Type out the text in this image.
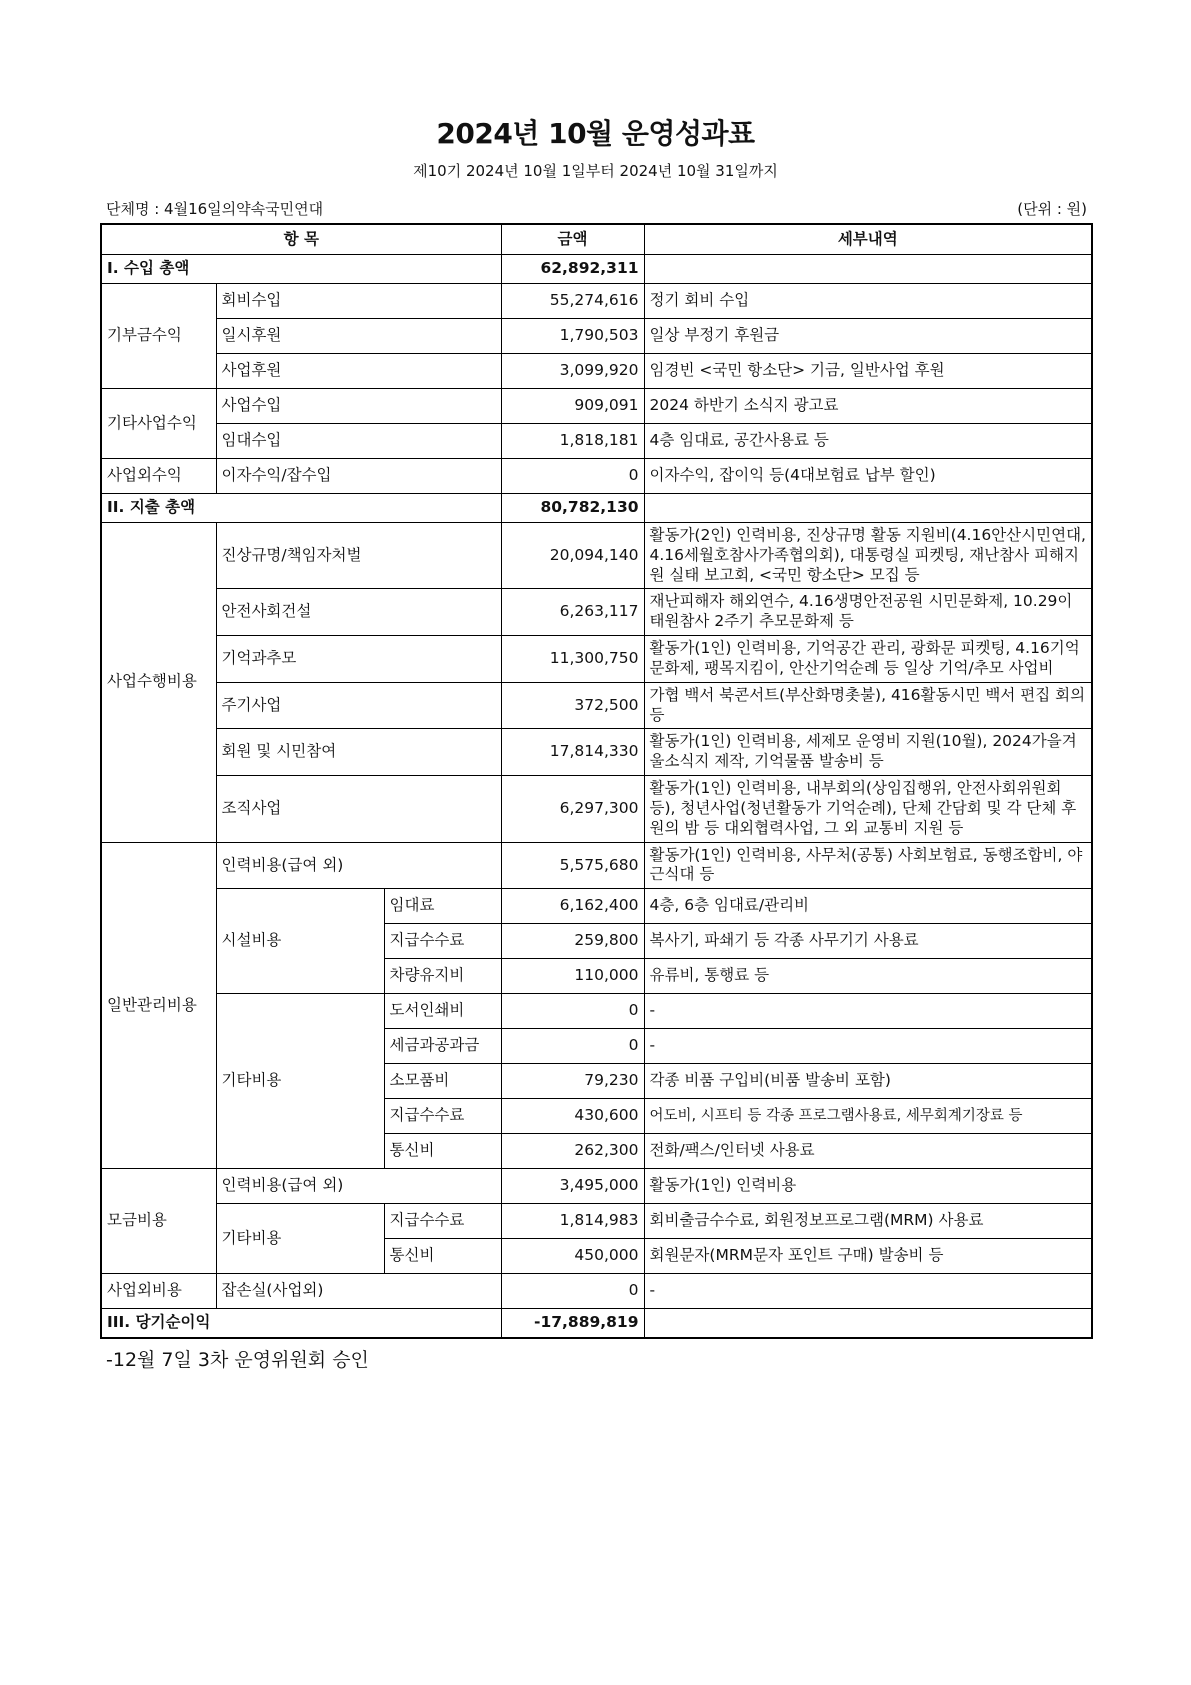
2024년 10월 운영성과표
제10기 2024년 10월 1일부터 2024년 10월 31일까지
단체명 : 4월16일의약속국민연대	(단위 : 원)
항 목			금액	세부내역
I. 수입 총액			62,892,311	
기부금수익	회비수입		55,274,616	정기 회비 수입
	일시후원		1,790,503	일상 부정기 후원금
	사업후원		3,099,920	임경빈 <국민 항소단> 기금, 일반사업 후원
기타사업수익	사업수입		909,091	2024 하반기 소식지 광고료
	임대수입		1,818,181	4층 임대료, 공간사용료 등
사업외수익	이자수익/잡수입		0	이자수익, 잡이익 등(4대보험료 납부 할인)
II. 지출 총액			80,782,130	
사업수행비용	진상규명/책임자처벌		20,094,140	활동가(2인) 인력비용, 진상규명 활동 지원비(4.16안산시민연대, 4.16세월호참사가족협의회), 대통령실 피켓팅, 재난참사 피해지원 실태 보고회, <국민 항소단> 모집 등
	안전사회건설		6,263,117	재난피해자 해외연수, 4.16생명안전공원 시민문화제, 10.29이태원참사 2주기 추모문화제 등
	기억과추모		11,300,750	활동가(1인) 인력비용, 기억공간 관리, 광화문 피켓팅, 4.16기억문화제, 팽목지킴이, 안산기억순례 등 일상 기억/추모 사업비
	주기사업		372,500	가협 백서 북콘서트(부산화명촛불), 416활동시민 백서 편집 회의 등
	회원 및 시민참여		17,814,330	활동가(1인) 인력비용, 세제모 운영비 지원(10월), 2024가을겨울소식지 제작, 기억물품 발송비 등
	조직사업		6,297,300	활동가(1인) 인력비용, 내부회의(상임집행위, 안전사회위원회 등), 청년사업(청년활동가 기억순례), 단체 간담회 및 각 단체 후원의 밤 등 대외협력사업, 그 외 교통비 지원 등
일반관리비용	인력비용(급여 외)		5,575,680	활동가(1인) 인력비용, 사무처(공통) 사회보험료, 동행조합비, 야근식대 등
	시설비용	임대료	6,162,400	4층, 6층 임대료/관리비
		지급수수료	259,800	복사기, 파쇄기 등 각종 사무기기 사용료
		차량유지비	110,000	유류비, 통행료 등
	기타비용	도서인쇄비	0	-
		세금과공과금	0	-
		소모품비	79,230	각종 비품 구입비(비품 발송비 포함)
		지급수수료	430,600	어도비, 시프티 등 각종 프로그램사용료, 세무회계기장료 등
		통신비	262,300	전화/팩스/인터넷 사용료
모금비용	인력비용(급여 외)		3,495,000	활동가(1인) 인력비용
	기타비용	지급수수료	1,814,983	회비출금수수료, 회원정보프로그램(MRM) 사용료
		통신비	450,000	회원문자(MRM문자 포인트 구매) 발송비 등
사업외비용	잡손실(사업외)		0	-
III. 당기순이익			-17,889,819	
-12월 7일 3차 운영위원회 승인
